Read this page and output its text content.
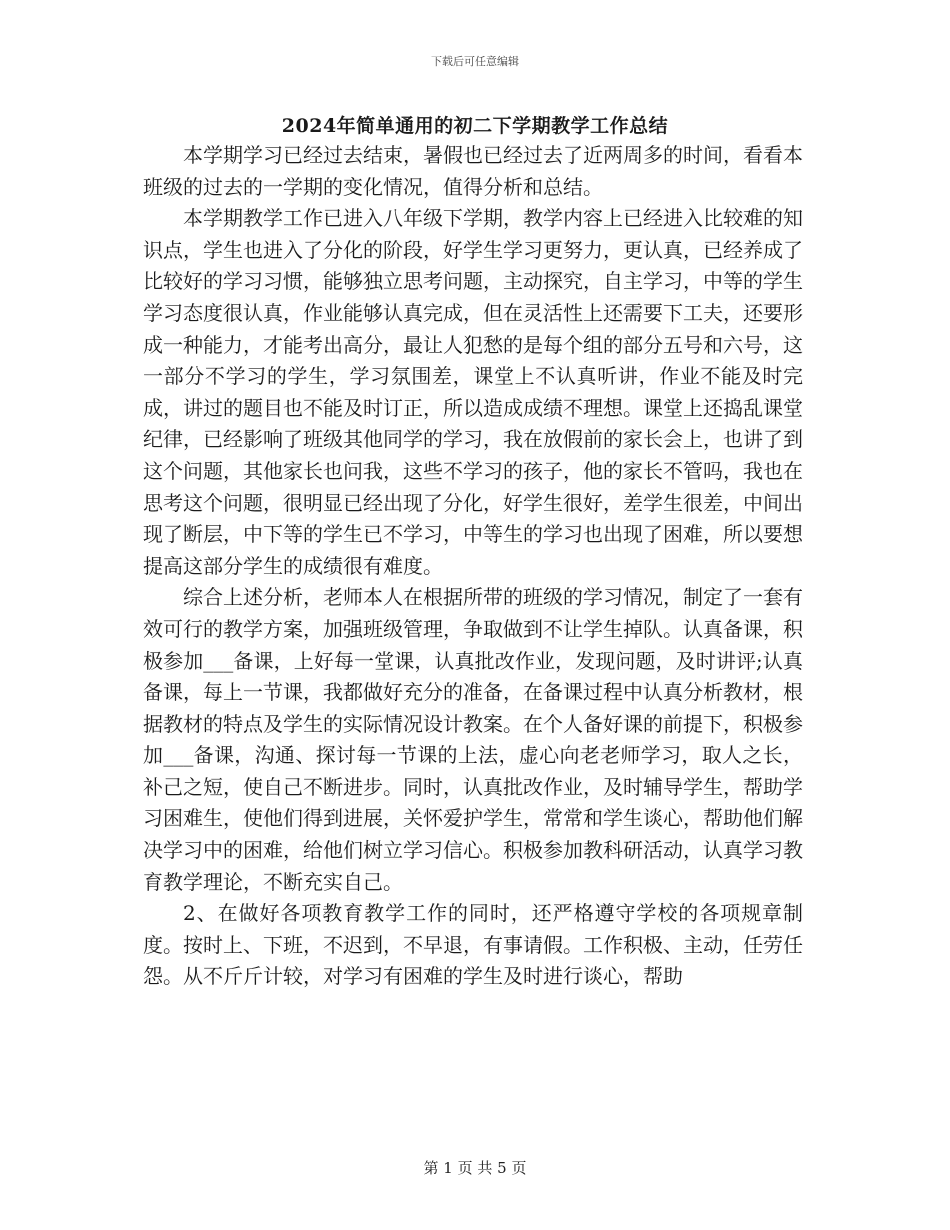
下载后可任意编辑
2024年简单通用的初二下学期教学工作总结

本学期学习已经过去结束，暑假也已经过去了近两周多的时间，看看本班级的过去的一学期的变化情况，值得分析和总结。

本学期教学工作已进入八年级下学期，教学内容上已经进入比较难的知识点，学生也进入了分化的阶段，好学生学习更努力，更认真，已经养成了比较好的学习习惯，能够独立思考问题，主动探究，自主学习，中等的学生学习态度很认真，作业能够认真完成，但在灵活性上还需要下工夫，还要形成一种能力，才能考出高分，最让人犯愁的是每个组的部分五号和六号，这一部分不学习的学生，学习氛围差，课堂上不认真听讲，作业不能及时完成，讲过的题目也不能及时订正，所以造成成绩不理想。课堂上还捣乱课堂纪律，已经影响了班级其他同学的学习，我在放假前的家长会上，也讲了到这个问题，其他家长也问我，这些不学习的孩子，他的家长不管吗，我也在思考这个问题，很明显已经出现了分化，好学生很好，差学生很差，中间出现了断层，中下等的学生已不学习，中等生的学习也出现了困难，所以要想提高这部分学生的成绩很有难度。

综合上述分析，老师本人在根据所带的班级的学习情况，制定了一套有效可行的教学方案，加强班级管理，争取做到不让学生掉队。认真备课，积极参加___备课，上好每一堂课，认真批改作业，发现问题，及时讲评;认真备课，每上一节课，我都做好充分的准备，在备课过程中认真分析教材，根据教材的特点及学生的实际情况设计教案。在个人备好课的前提下，积极参加___备课，沟通、探讨每一节课的上法，虚心向老老师学习，取人之长，补己之短，使自己不断进步。同时，认真批改作业，及时辅导学生，帮助学习困难生，使他们得到进展，关怀爱护学生，常常和学生谈心，帮助他们解决学习中的困难，给他们树立学习信心。积极参加教科研活动，认真学习教育教学理论，不断充实自己。

2、在做好各项教育教学工作的同时，还严格遵守学校的各项规章制度。按时上、下班，不迟到，不早退，有事请假。工作积极、主动，任劳任怨。从不斤斤计较，对学习有困难的学生及时进行谈心，帮助

第 1 页 共 5 页
